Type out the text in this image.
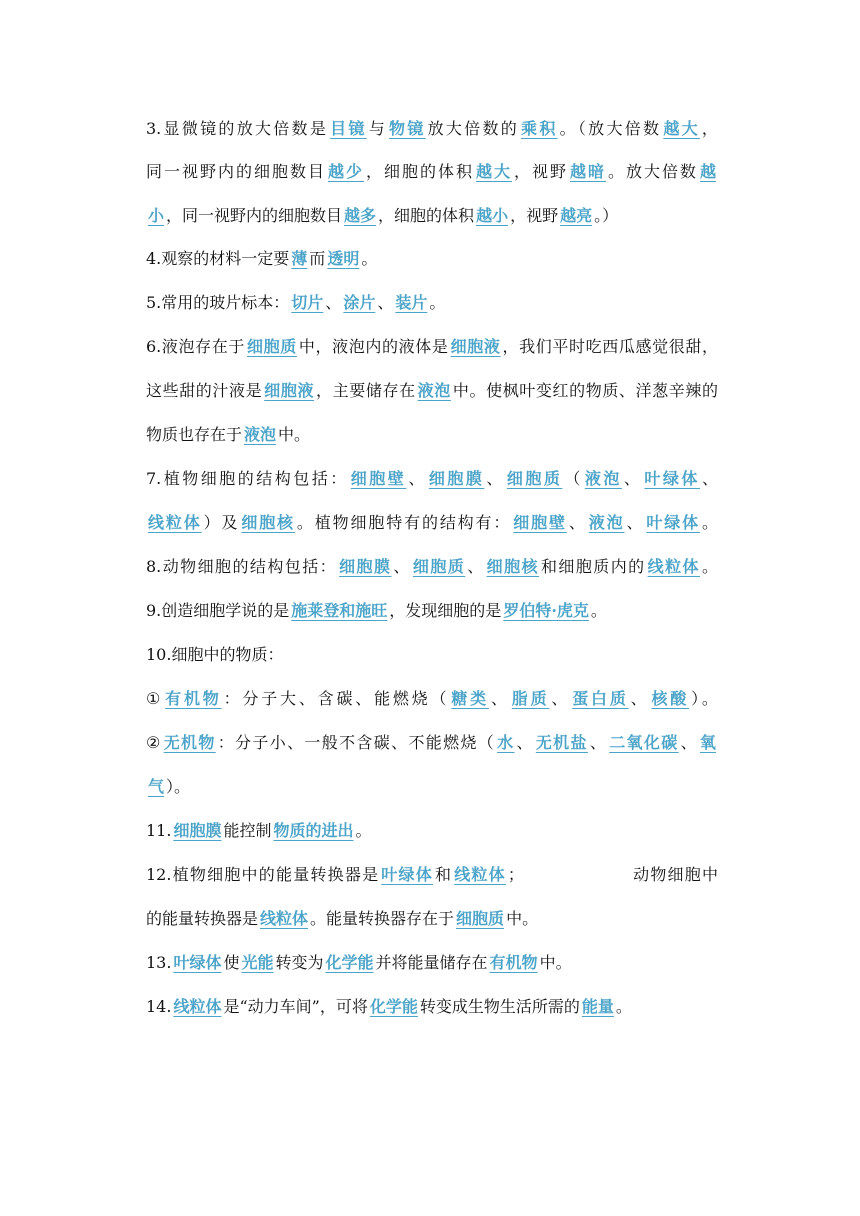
3.显微镜的放大倍数是 目镜 与 物镜 放大倍数的 乘积 。（放大倍数 越大 ，
同一视野内的细胞数目 越少 ，细胞的体积 越大 ，视野 越暗 。放大倍数 越
小 ，同一视野内的细胞数目 越多 ，细胞的体积 越小 ，视野 越亮 。）
4.观察的材料一定要 薄 而 透明 。
5.常用的玻片标本： 切片 、 涂片 、 装片 。
6.液泡存在于 细胞质 中，液泡内的液体是 细胞液 ，我们平时吃西瓜感觉很甜，
这些甜的汁液是 细胞液 ，主要储存在 液泡 中。使枫叶变红的物质、洋葱辛辣的
物质也存在于 液泡 中。
7.植物细胞的结构包括： 细胞壁 、 细胞膜 、 细胞质 （ 液泡 、 叶绿体 、
线粒体 ）及 细胞核 。植物细胞特有的结构有： 细胞壁 、 液泡 、 叶绿体 。
8.动物细胞的结构包括： 细胞膜 、 细胞质 、 细胞核 和细胞质内的 线粒体 。
9.创造细胞学说的是 施莱登和施旺 ，发现细胞的是 罗伯特·虎克 。
10.细胞中的物质：
① 有机物 ：分子大、含碳、能燃烧（ 糖类 、 脂质 、 蛋白质 、 核酸 ）。
② 无机物 ：分子小、一般不含碳、不能燃烧（ 水 、 无机盐 、 二氧化碳 、 氧
气 ）。
11. 细胞膜 能控制 物质的进出 。
12.植物细胞中的能量转换器是 叶绿体 和 线粒体 ；	动物细胞中
的能量转换器是 线粒体 。能量转换器存在于 细胞质 中。
13. 叶绿体 使 光能 转变为 化学能 并将能量储存在 有机物 中。
14. 线粒体 是“动力车间”，可将 化学能 转变成生物生活所需的 能量 。
